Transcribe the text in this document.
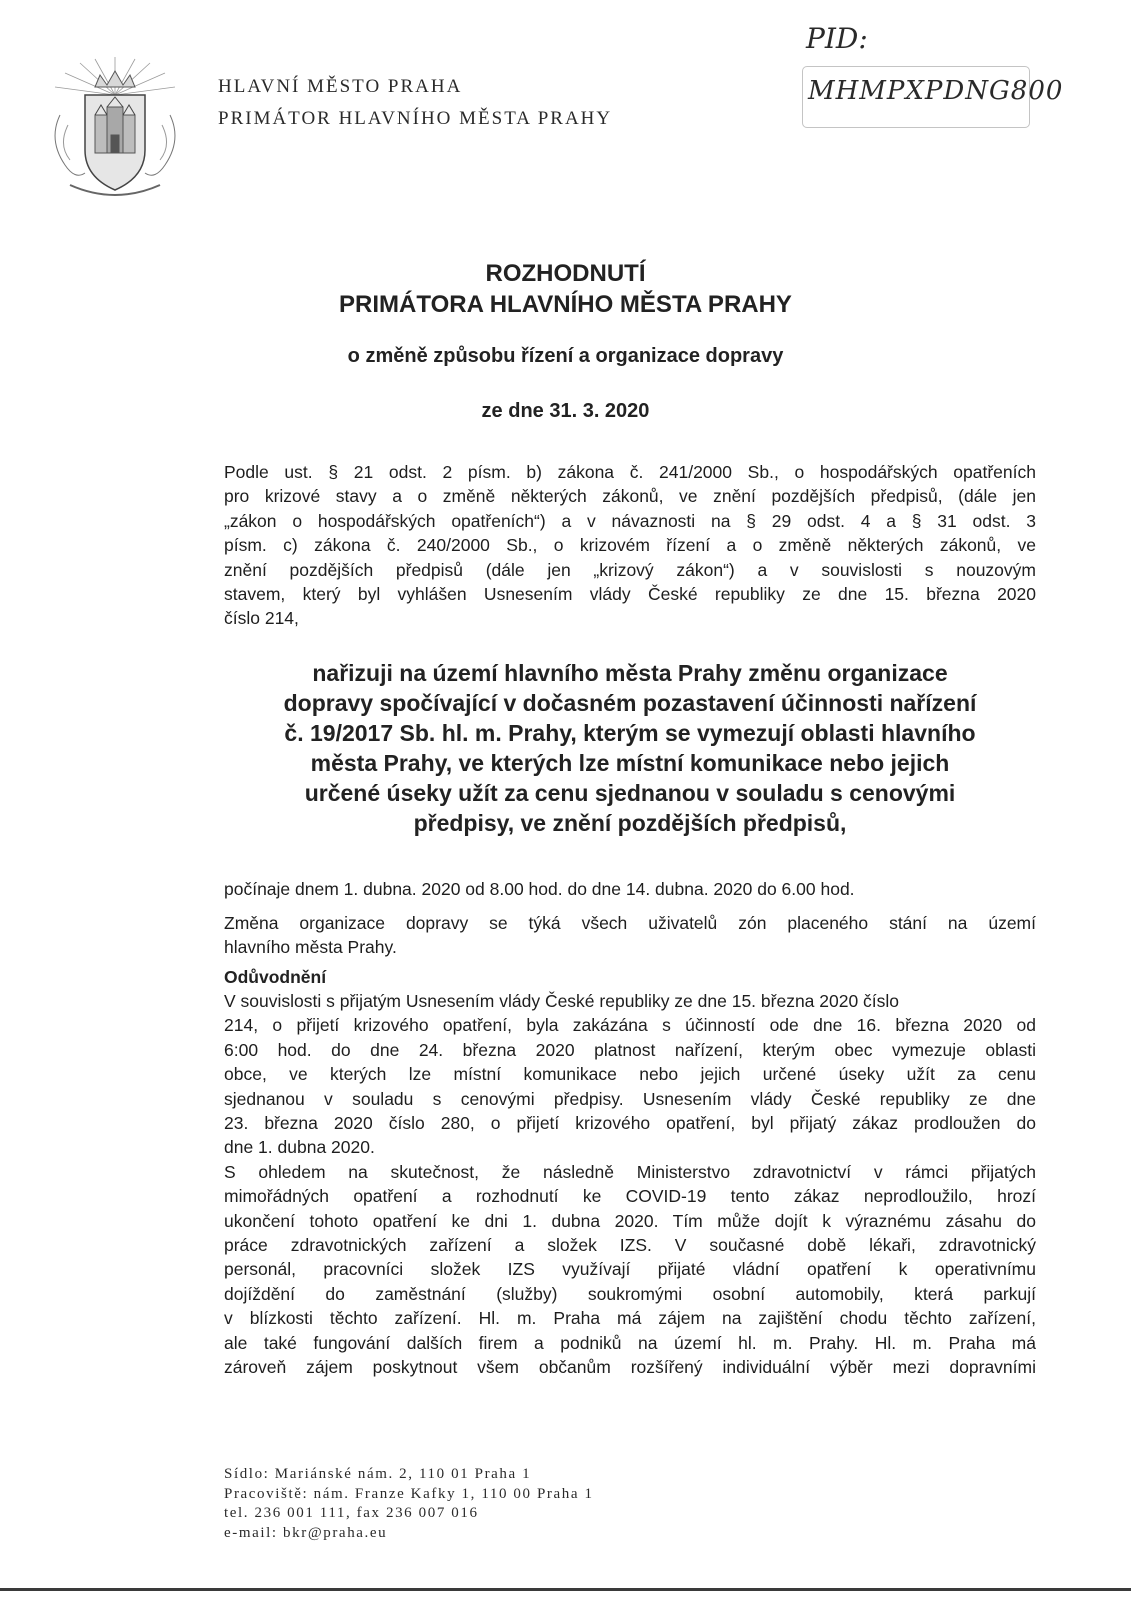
HLAVNÍ MĚSTO PRAHA
PRIMÁTOR HLAVNÍHO MĚSTA PRAHY
PID:
MHMPXPDNG800
ROZHODNUTÍ
PRIMÁTORA HLAVNÍHO MĚSTA PRAHY
o změně způsobu řízení a organizace dopravy
ze dne 31. 3. 2020
Podle ust. § 21 odst. 2 písm. b) zákona č. 241/2000 Sb., o hospodářských opatřeních
pro krizové stavy a o změně některých zákonů, ve znění pozdějších předpisů, (dále jen
„zákon o hospodářských opatřeních“) a v návaznosti na § 29 odst. 4 a § 31 odst. 3
písm. c) zákona č. 240/2000 Sb., o krizovém řízení a o změně některých zákonů, ve
znění pozdějších předpisů (dále jen „krizový zákon“) a v souvislosti s nouzovým
stavem, který byl vyhlášen Usnesením vlády České republiky ze dne 15. března 2020
číslo 214,
nařizuji na území hlavního města Prahy změnu organizace
dopravy spočívající v dočasném pozastavení účinnosti nařízení
č. 19/2017 Sb. hl. m. Prahy, kterým se vymezují oblasti hlavního
města Prahy, ve kterých lze místní komunikace nebo jejich
určené úseky užít za cenu sjednanou v souladu s cenovými
předpisy, ve znění pozdějších předpisů,
počínaje dnem 1. dubna. 2020 od 8.00 hod. do dne 14. dubna. 2020 do 6.00 hod.
Změna organizace dopravy se týká všech uživatelů zón placeného stání na území
hlavního města Prahy.
Odůvodnění
V souvislosti s přijatým Usnesením vlády České republiky ze dne 15. března 2020 číslo
214, o přijetí krizového opatření, byla zakázána s účinností ode dne 16. března 2020 od
6:00 hod. do dne 24. března 2020 platnost nařízení, kterým obec vymezuje oblasti
obce, ve kterých lze místní komunikace nebo jejich určené úseky užít za cenu
sjednanou v souladu s cenovými předpisy. Usnesením vlády České republiky ze dne
23. března 2020 číslo 280, o přijetí krizového opatření, byl přijatý zákaz prodloužen do
dne 1. dubna 2020.
S ohledem na skutečnost, že následně Ministerstvo zdravotnictví v rámci přijatých
mimořádných opatření a rozhodnutí ke COVID-19 tento zákaz neprodloužilo, hrozí
ukončení tohoto opatření ke dni 1. dubna 2020. Tím může dojít k výraznému zásahu do
práce zdravotnických zařízení a složek IZS. V současné době lékaři, zdravotnický
personál, pracovníci složek IZS využívají přijaté vládní opatření k operativnímu
dojíždění do zaměstnání (služby) soukromými osobní automobily, která parkují
v blízkosti těchto zařízení. Hl. m. Praha má zájem na zajištění chodu těchto zařízení,
ale také fungování dalších firem a podniků na území hl. m. Prahy. Hl. m. Praha má
zároveň zájem poskytnout všem občanům rozšířený individuální výběr mezi dopravními
Sídlo: Mariánské nám. 2, 110 01 Praha 1
Pracoviště: nám. Franze Kafky 1, 110 00 Praha 1
tel. 236 001 111, fax 236 007 016
e-mail: bkr@praha.eu
